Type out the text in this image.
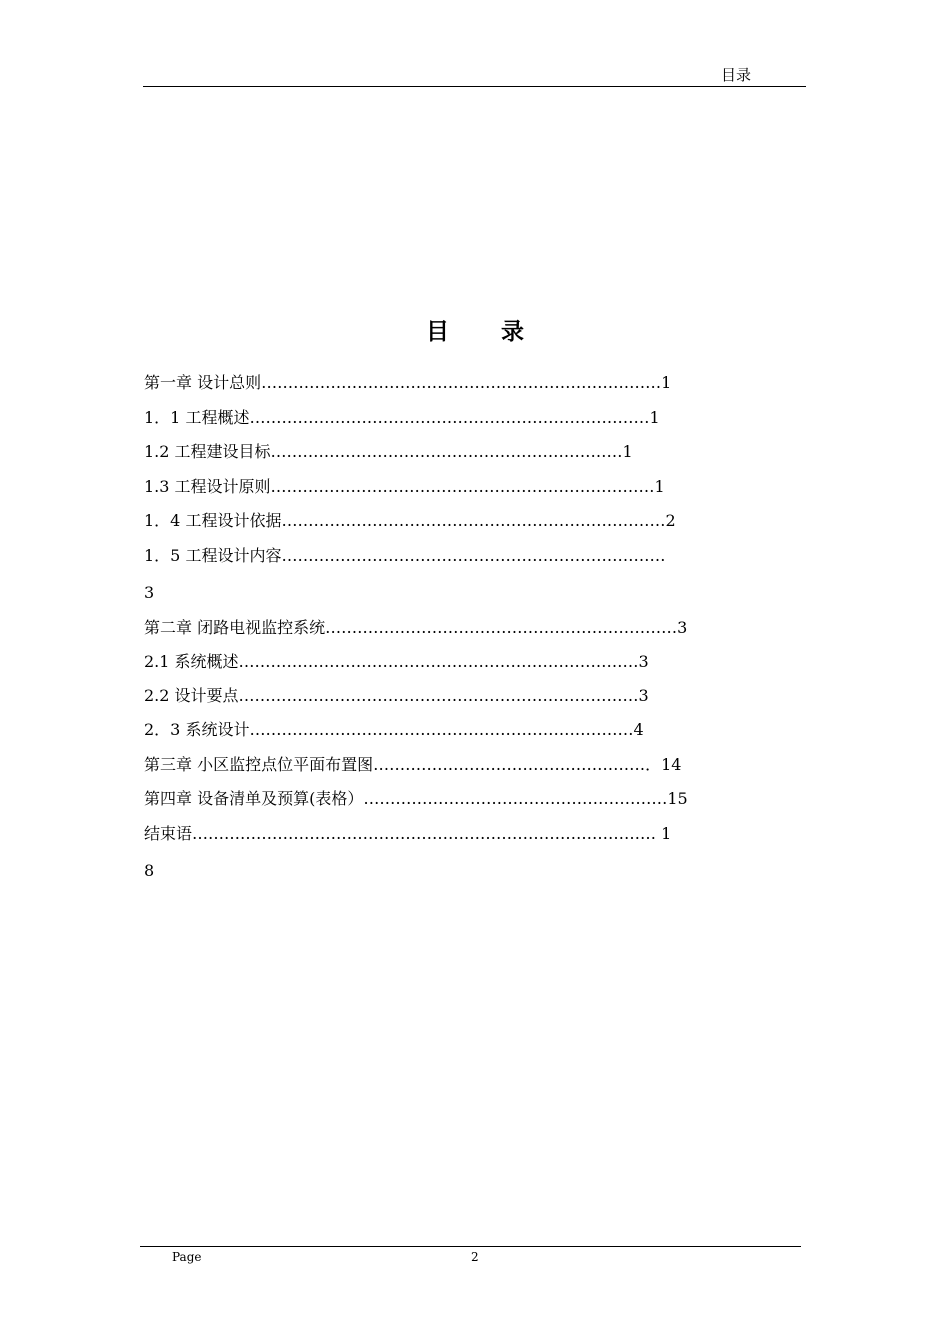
目录
目 录
第一章 设计总则…………………………………………………………………1
1．1 工程概述…………………………………………………………………1
1.2 工程建设目标…………………………………………………………1
1.3 工程设计原则………………………………………………………………1
1．4 工程设计依据………………………………………………………………2
1．5 工程设计内容………………………………………………………………
3
第二章 闭路电视监控系统…………………………………………………………3
2.1 系统概述…………………………………………………………………3
2.2 设计要点…………………………………………………………………3
2．3 系统设计………………………………………………………………4
第三章 小区监控点位平面布置图……………………………………………．14
第四章 设备清单及预算(表格）…………………………………………………15
结束语…………………………………………………………………………… 1
8
Page	2
